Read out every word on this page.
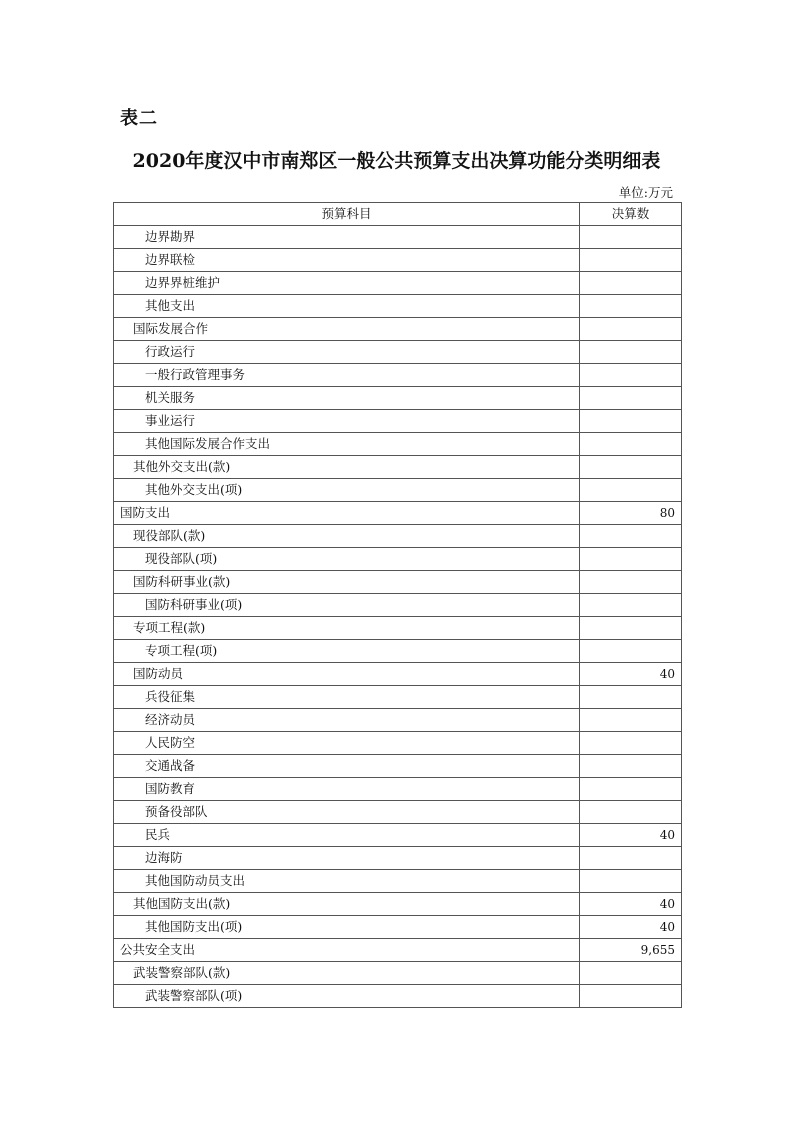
表二
2020年度汉中市南郑区一般公共预算支出决算功能分类明细表
单位:万元
预算科目	决算数
边界勘界	
边界联检	
边界界桩维护	
其他支出	
国际发展合作	
行政运行	
一般行政管理事务	
机关服务	
事业运行	
其他国际发展合作支出	
其他外交支出(款)	
其他外交支出(项)	
国防支出	80
现役部队(款)	
现役部队(项)	
国防科研事业(款)	
国防科研事业(项)	
专项工程(款)	
专项工程(项)	
国防动员	40
兵役征集	
经济动员	
人民防空	
交通战备	
国防教育	
预备役部队	
民兵	40
边海防	
其他国防动员支出	
其他国防支出(款)	40
其他国防支出(项)	40
公共安全支出	9,655
武装警察部队(款)	
武装警察部队(项)	
